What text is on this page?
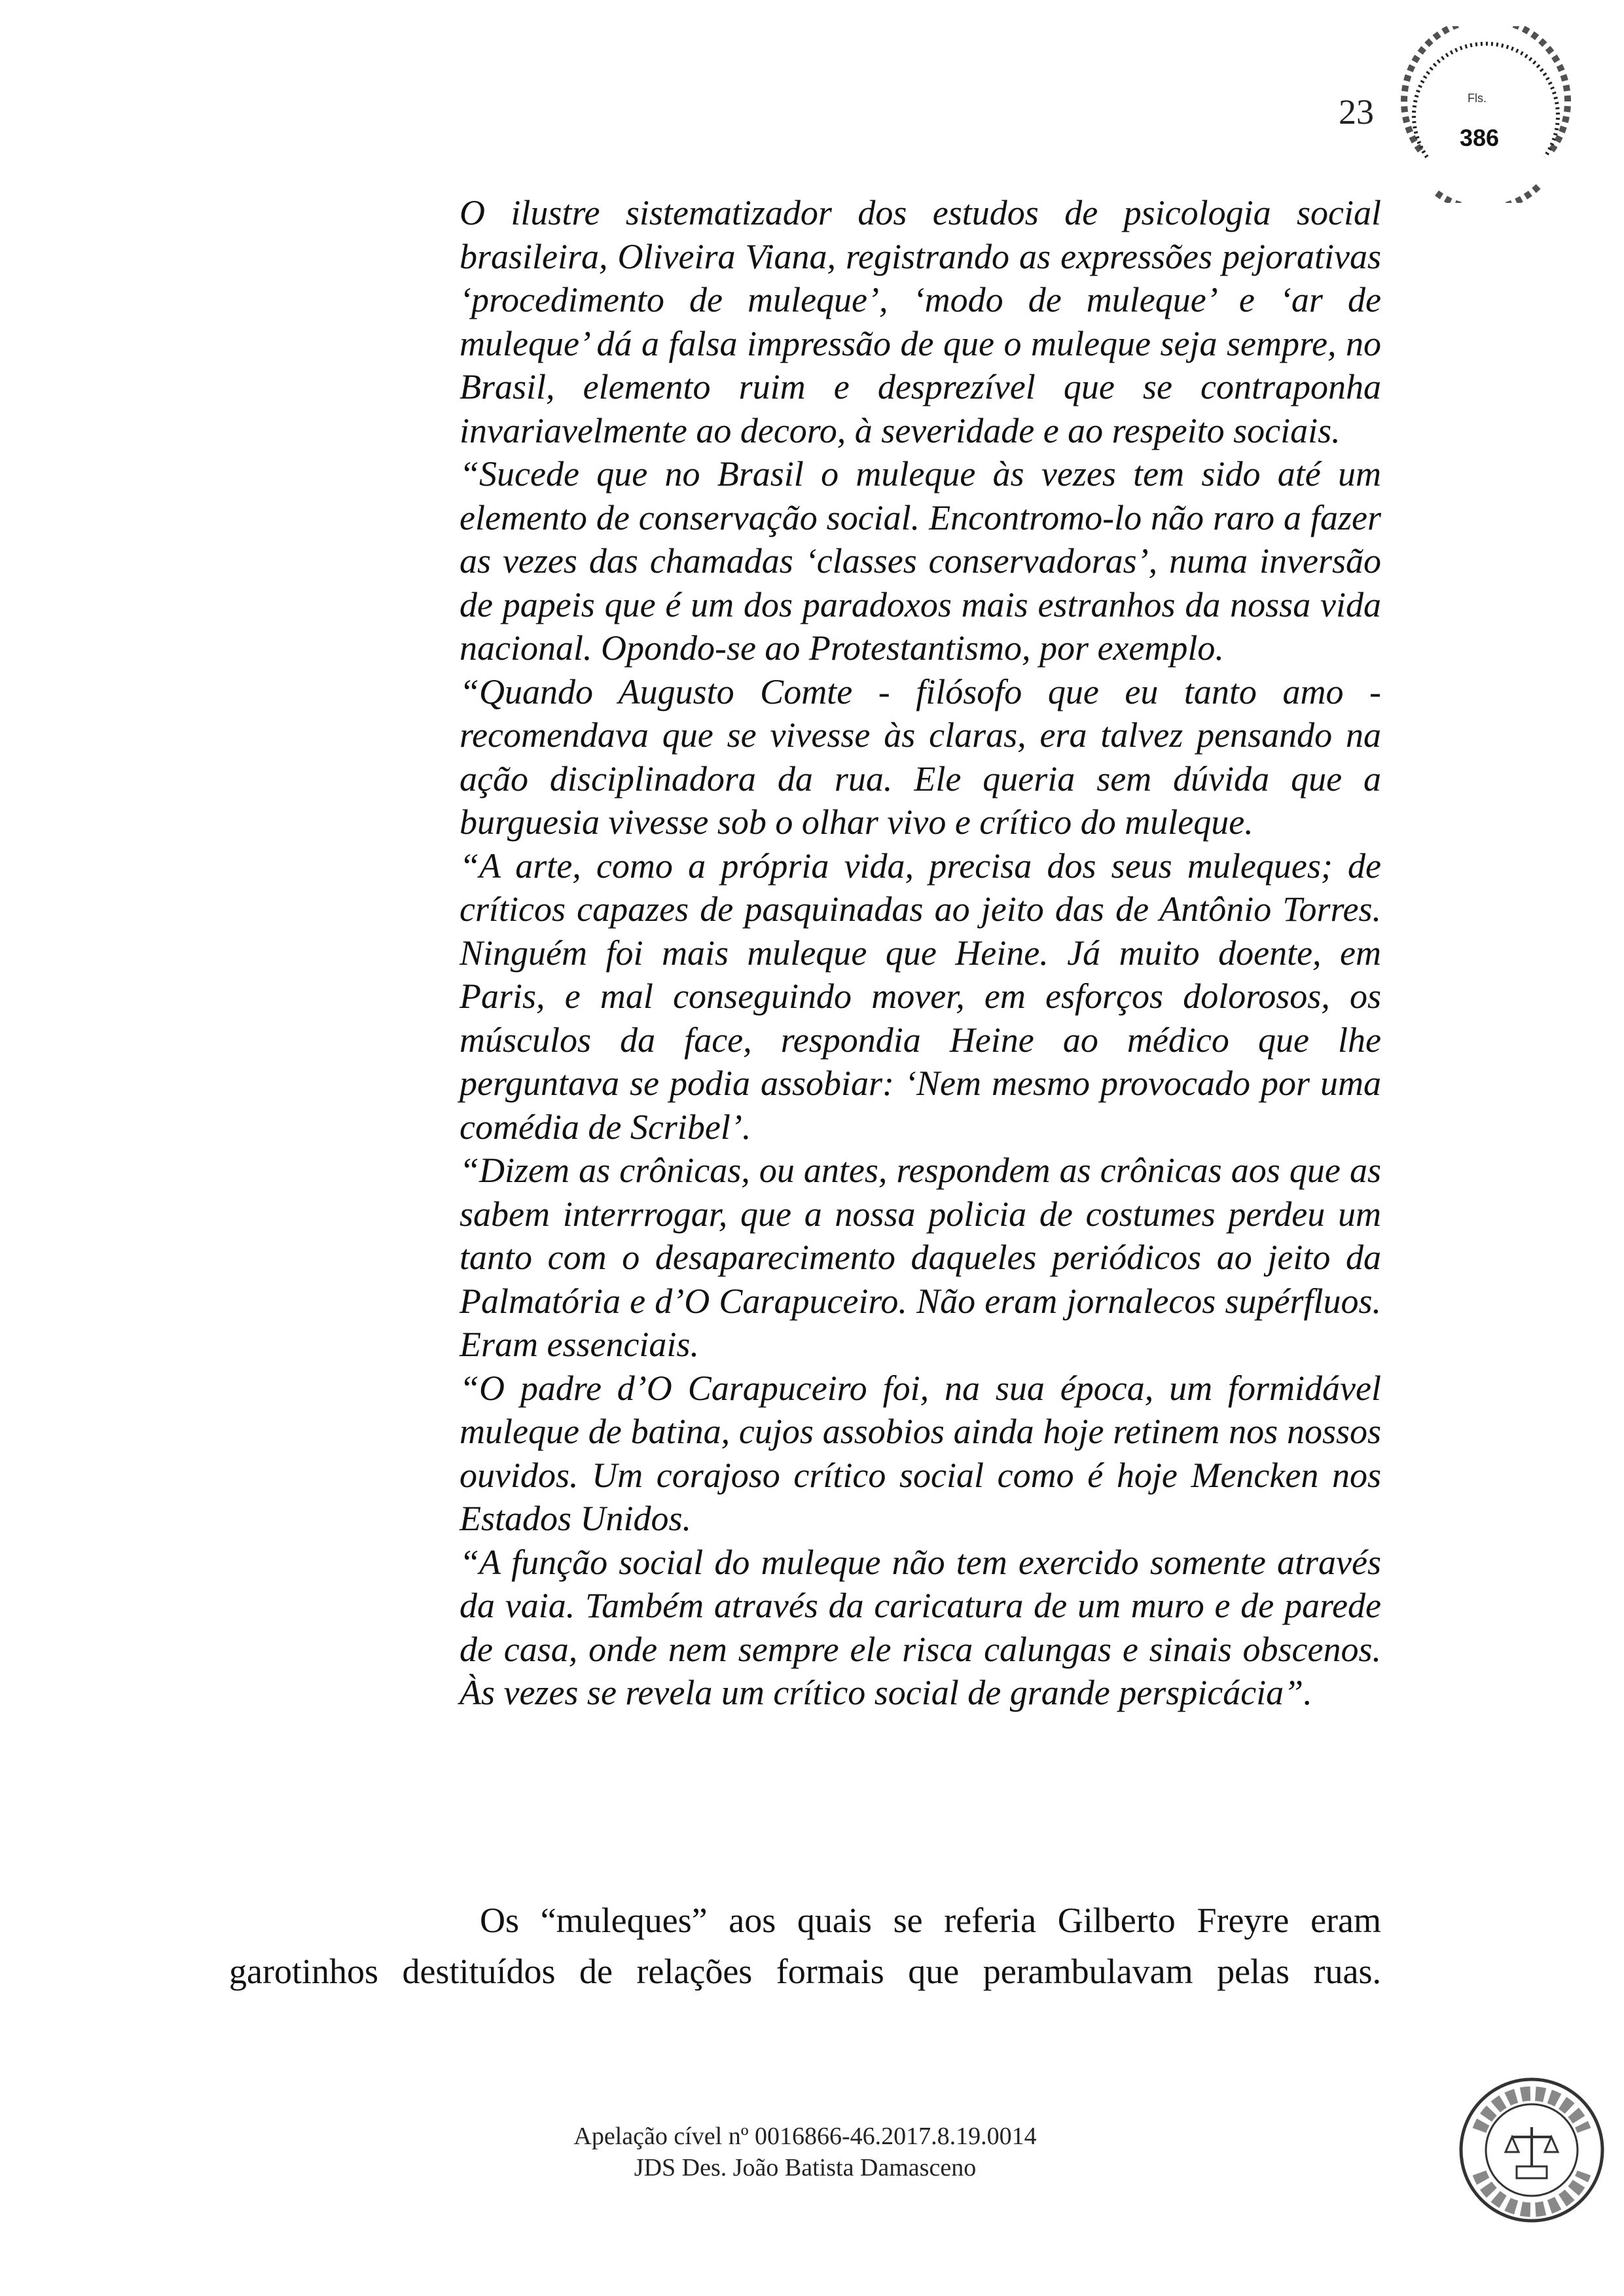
23	Fls.
386

O ilustre sistematizador dos estudos de psicologia social brasileira, Oliveira Viana, registrando as expressões pejorativas ‘procedimento de muleque’, ‘modo de muleque’ e ‘ar de muleque’ dá a falsa impressão de que o muleque seja sempre, no Brasil, elemento ruim e desprezível que se contraponha invariavelmente ao decoro, à severidade e ao respeito sociais.

“Sucede que no Brasil o muleque às vezes tem sido até um elemento de conservação social. Encontromo-lo não raro a fazer as vezes das chamadas ‘classes conservadoras’, numa inversão de papeis que é um dos paradoxos mais estranhos da nossa vida nacional. Opondo-se ao Protestantismo, por exemplo.

“Quando Augusto Comte - filósofo que eu tanto amo - recomendava que se vivesse às claras, era talvez pensando na ação disciplinadora da rua. Ele queria sem dúvida que a burguesia vivesse sob o olhar vivo e crítico do muleque.

“A arte, como a própria vida, precisa dos seus muleques; de críticos capazes de pasquinadas ao jeito das de Antônio Torres. Ninguém foi mais muleque que Heine. Já muito doente, em Paris, e mal conseguindo mover, em esforços dolorosos, os músculos da face, respondia Heine ao médico que lhe perguntava se podia assobiar: ‘Nem mesmo provocado por uma comédia de Scribel’.

“Dizem as crônicas, ou antes, respondem as crônicas aos que as sabem interrrogar, que a nossa policia de costumes perdeu um tanto com o desaparecimento daqueles periódicos ao jeito da Palmatória e d’O Carapuceiro. Não eram jornalecos supérfluos. Eram essenciais.

“O padre d’O Carapuceiro foi, na sua época, um formidável muleque de batina, cujos assobios ainda hoje retinem nos nossos ouvidos. Um corajoso crítico social como é hoje Mencken nos Estados Unidos.

“A função social do muleque não tem exercido somente através da vaia. Também através da caricatura de um muro e de parede de casa, onde nem sempre ele risca calungas e sinais obscenos. Às vezes se revela um crítico social de grande perspicácia”.

Os “muleques” aos quais se referia Gilberto Freyre eram garotinhos destituídos de relações formais que perambulavam pelas ruas.

Apelação cível nº 0016866-46.2017.8.19.0014
JDS Des. João Batista Damasceno
